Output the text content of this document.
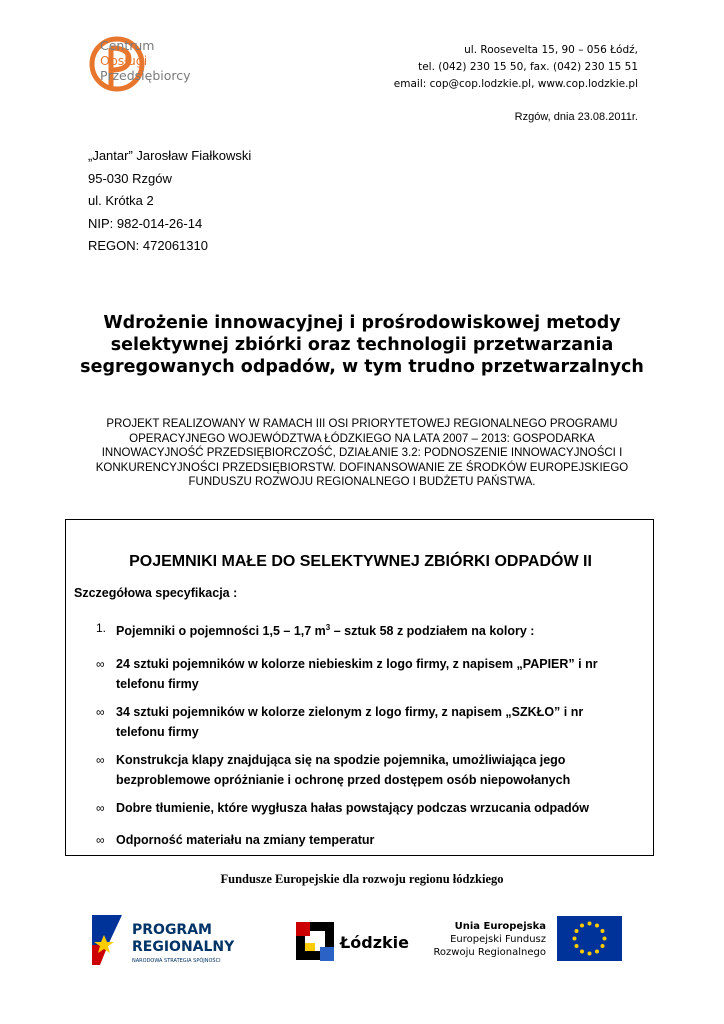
Centrum
Obsługi
Przedsiębiorcy
ul. Roosevelta 15, 90 – 056 Łódź,
tel. (042) 230 15 50, fax. (042) 230 15 51
email: cop@cop.lodzkie.pl, www.cop.lodzkie.pl
Rzgów, dnia 23.08.2011r.
„Jantar” Jarosław Fiałkowski
95-030 Rzgów
ul. Krótka 2
NIP: 982-014-26-14
REGON: 472061310
Wdrożenie innowacyjnej i prośrodowiskowej metody selektywnej zbiórki oraz technologii przetwarzania segregowanych odpadów, w tym trudno przetwarzalnych
PROJEKT REALIZOWANY W RAMACH III OSI PRIORYTETOWEJ REGIONALNEGO PROGRAMU OPERACYJNEGO WOJEWÓDZTWA ŁÓDZKIEGO NA LATA 2007 – 2013: GOSPODARKA INNOWACYJNOŚĆ PRZEDSIĘBIORCZOŚĆ, DZIAŁANIE 3.2: PODNOSZENIE INNOWACYJNOŚCI I KONKURENCYJNOŚCI PRZEDSIĘBIORSTW. DOFINANSOWANIE ZE ŚRODKÓW EUROPEJSKIEGO FUNDUSZU ROZWOJU REGIONALNEGO I BUDŻETU PAŃSTWA.
POJEMNIKI MAŁE DO SELEKTYWNEJ ZBIÓRKI ODPADÓW II
Szczegółowa specyfikacja :
1. Pojemniki o pojemności 1,5 – 1,7 $m^3$ – sztuk 58 z podziałem na kolory :
∞ 24 sztuki pojemników w kolorze niebieskim z logo firmy, z napisem „PAPIER” i nr telefonu firmy
∞ 34 sztuki pojemników w kolorze zielonym z logo firmy, z napisem „SZKŁO” i nr telefonu firmy
∞ Konstrukcja klapy znajdująca się na spodzie pojemnika, umożliwiająca jego bezproblemowe opróżnianie i ochronę przed dostępem osób niepowołanych
∞ Dobre tłumienie, które wygłusza hałas powstający podczas wrzucania odpadów
∞ Odporność materiału na zmiany temperatur
Fundusze Europejskie dla rozwoju regionu łódzkiego
PROGRAM
REGIONALNY
NARODOWA STRATEGIA SPÓJNOŚCI
Łódzkie
Unia Europejska
Europejski Fundusz
Rozwoju Regionalnego
